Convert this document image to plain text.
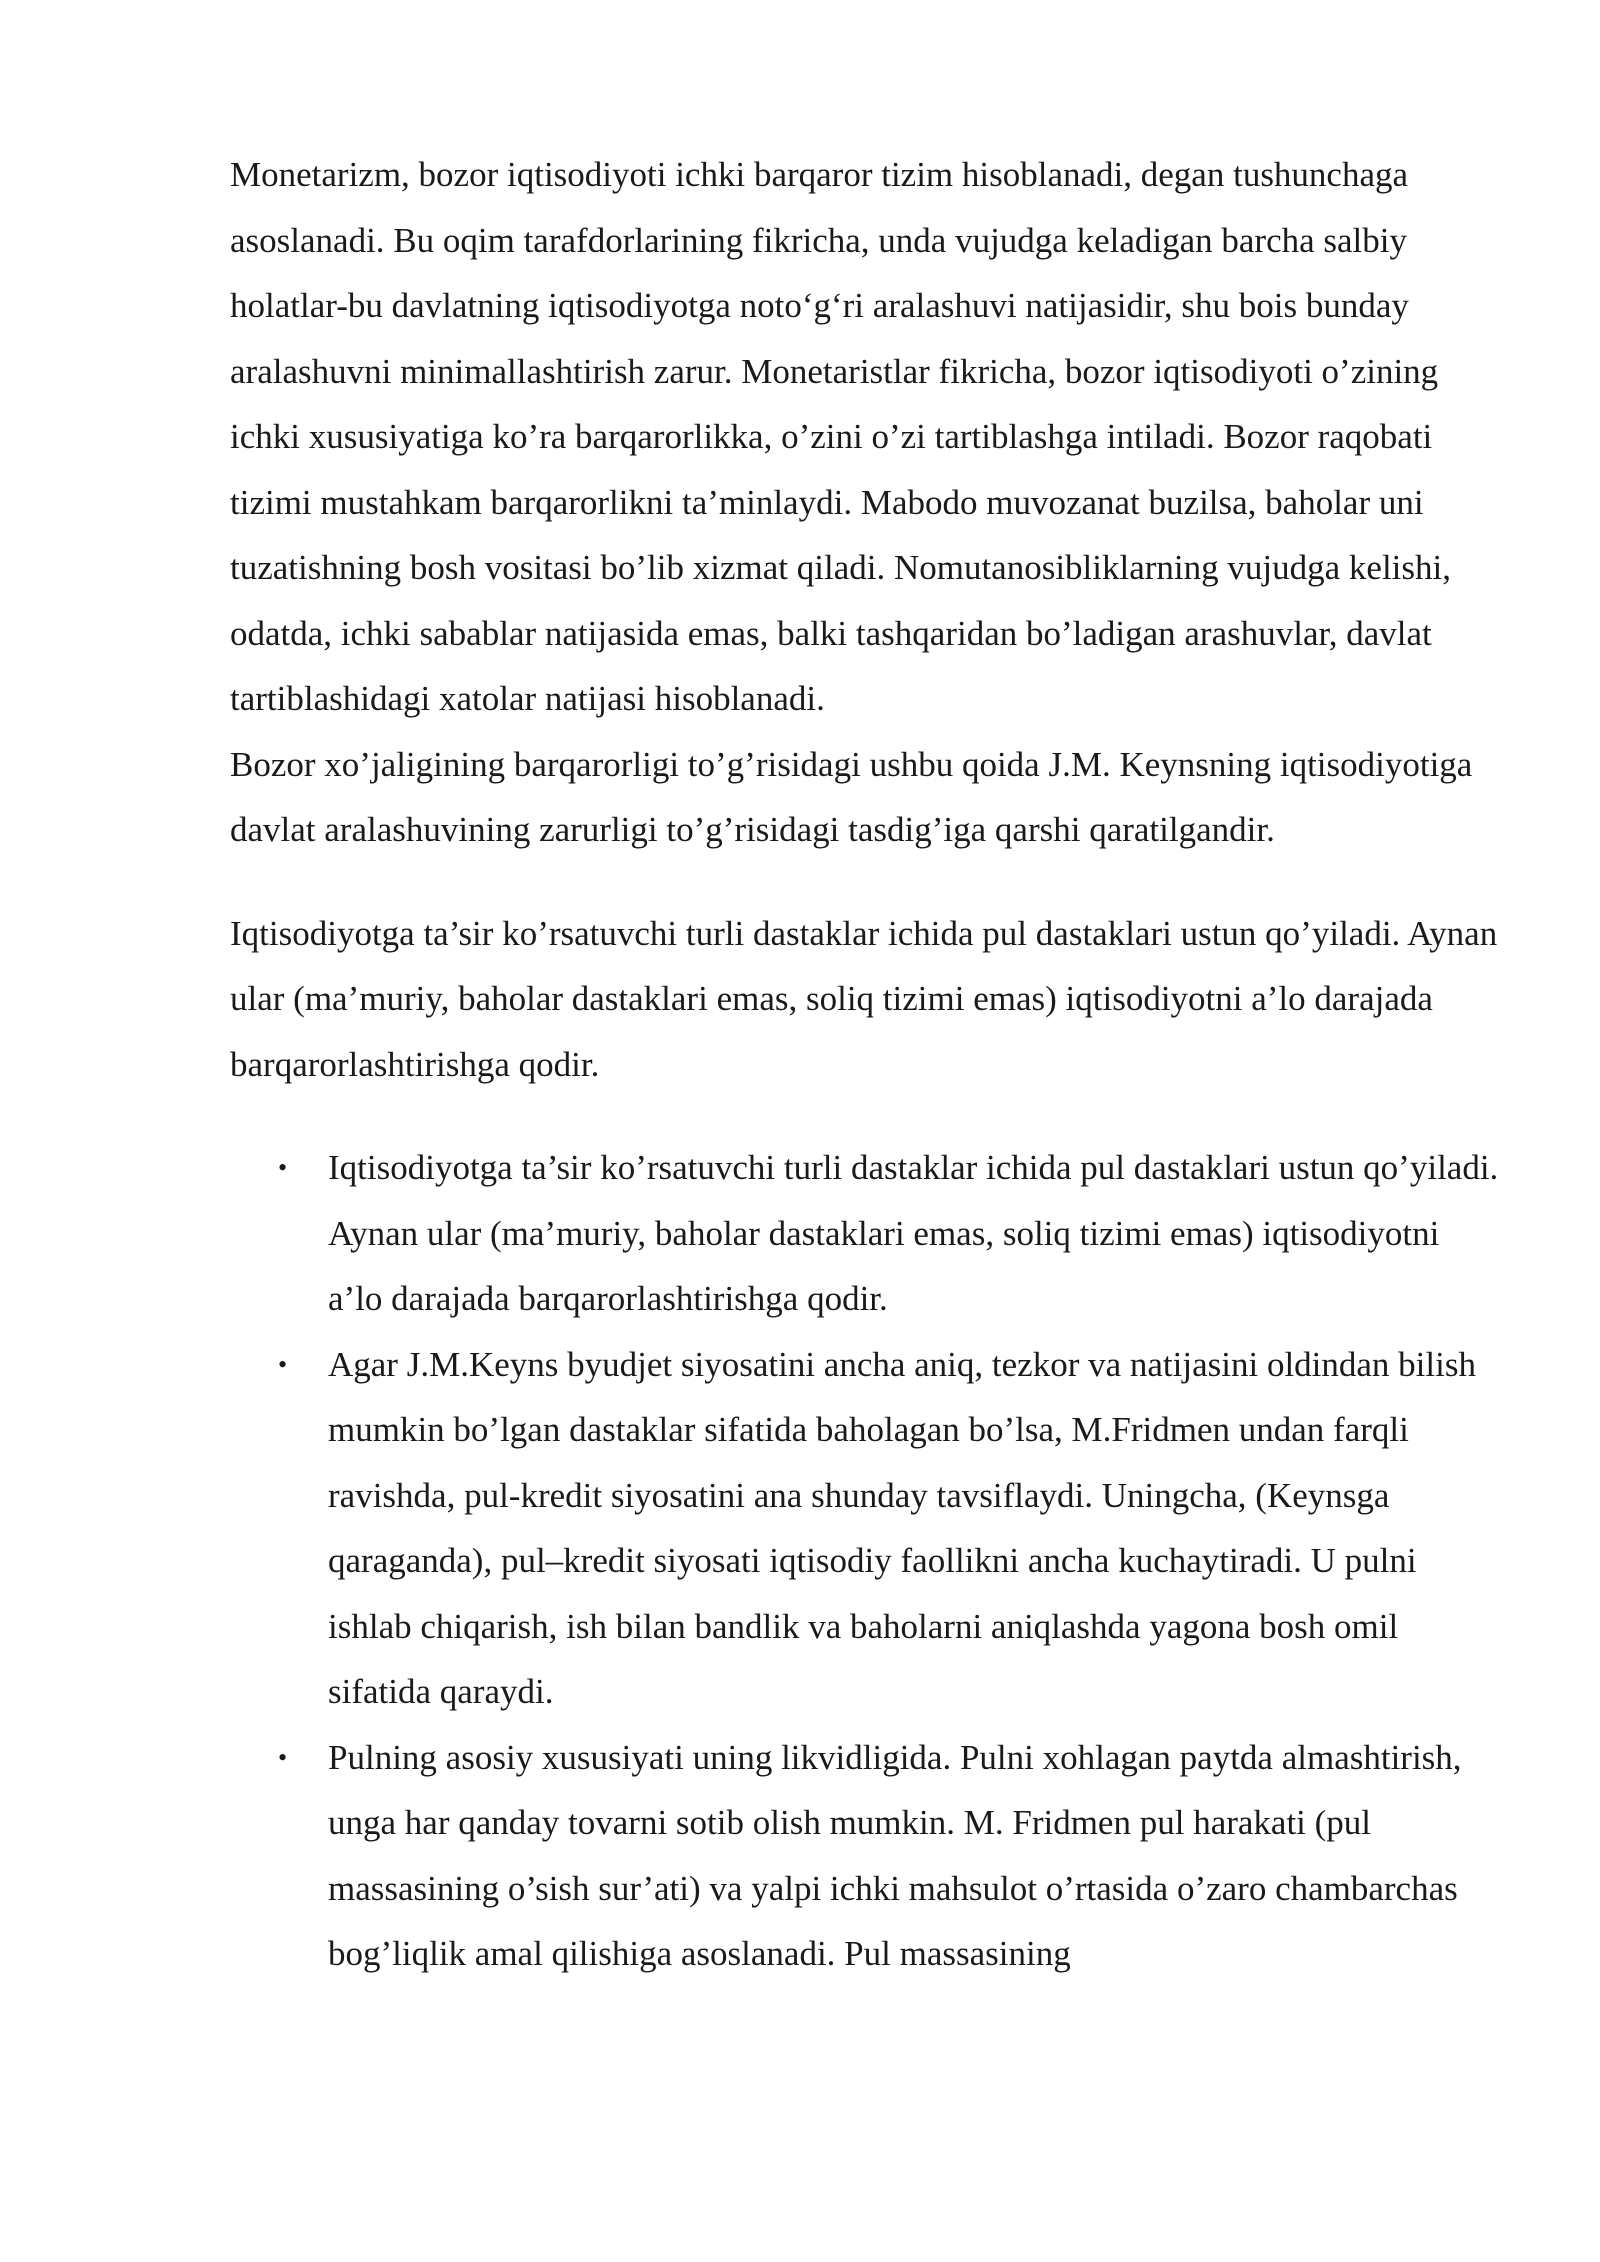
Monetarizm, bozor iqtisodiyoti ichki barqaror tizim hisoblanadi, degan tushunchaga asoslanadi. Bu oqim tarafdorlarining fikricha, unda vujudga keladigan barcha salbiy holatlar-bu davlatning iqtisodiyotga noto‘g‘ri aralashuvi natijasidir, shu bois bunday aralashuvni minimallashtirish zarur. Monetaristlar fikricha, bozor iqtisodiyoti o’zining ichki xususiyatiga ko’ra barqarorlikka, o’zini o’zi tartiblashga intiladi. Bozor raqobati tizimi mustahkam barqarorlikni ta’minlaydi. Mabodo muvozanat buzilsa, baholar uni tuzatishning bosh vositasi bo’lib xizmat qiladi. Nomutanosibliklarning vujudga kelishi, odatda, ichki sabablar natijasida emas, balki tashqaridan bo’ladigan arashuvlar, davlat tartiblashidagi xatolar natijasi hisoblanadi.

Bozor xo’jaligining barqarorligi to’g’risidagi ushbu qoida J.M. Keynsning iqtisodiyotiga davlat aralashuvining zarurligi to’g’risidagi tasdig’iga qarshi qaratilgandir.

Iqtisodiyotga ta’sir ko’rsatuvchi turli dastaklar ichida pul dastaklari ustun qo’yiladi. Aynan ular (ma’muriy, baholar dastaklari emas, soliq tizimi emas) iqtisodiyotni a’lo darajada barqarorlashtirishga qodir.

• Iqtisodiyotga ta’sir ko’rsatuvchi turli dastaklar ichida pul dastaklari ustun qo’yiladi. Aynan ular (ma’muriy, baholar dastaklari emas, soliq tizimi emas) iqtisodiyotni a’lo darajada barqarorlashtirishga qodir.
• Agar J.M.Keyns byudjet siyosatini ancha aniq, tezkor va natijasini oldindan bilish mumkin bo’lgan dastaklar sifatida baholagan bo’lsa, M.Fridmen undan farqli ravishda, pul-kredit siyosatini ana shunday tavsiflaydi. Uningcha, (Keynsga qaraganda), pul–kredit siyosati iqtisodiy faollikni ancha kuchaytiradi. U pulni ishlab chiqarish, ish bilan bandlik va baholarni aniqlashda yagona bosh omil sifatida qaraydi.
• Pulning asosiy xususiyati uning likvidligida. Pulni xohlagan paytda almashtirish, unga har qanday tovarni sotib olish mumkin. M. Fridmen pul harakati (pul massasining o’sish sur’ati) va yalpi ichki mahsulot o’rtasida o’zaro chambarchas bog’liqlik amal qilishiga asoslanadi. Pul massasining
